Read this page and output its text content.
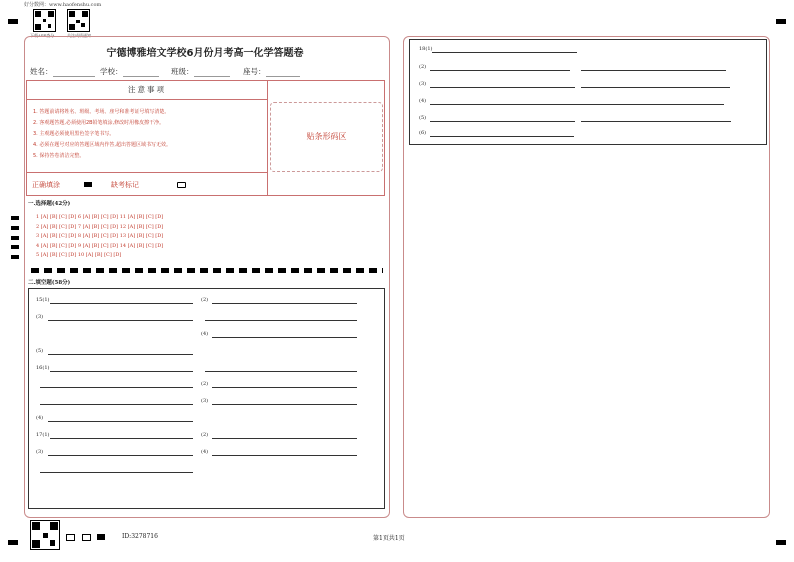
好分数网：www.haofenshu.com
下载APP查分	关注成绩通知
宁德博雅培文学校6月份月考高一化学答题卷
姓名：	学校：	班级：	座号：
注意事项
1. 答题前请将姓名、班级、考场、座号和准考证号填写清楚。
2. 客观题答题,必须使用2B铅笔填涂,修改时用橡皮擦干净。
3. 主观题必须使用黑色签字笔书写。
4. 必须在题号对应的答题区域内作答,超出答题区域书写无效。
5. 保持答卷清洁完整。
正确填涂	缺考标记
贴条形码区
一.选择题(42分)
1 [A] [B] [C] [D] 6 [A] [B] [C] [D] 11 [A] [B] [C] [D]
2 [A] [B] [C] [D] 7 [A] [B] [C] [D] 12 [A] [B] [C] [D]
3 [A] [B] [C] [D] 8 [A] [B] [C] [D] 13 [A] [B] [C] [D]
4 [A] [B] [C] [D] 9 [A] [B] [C] [D] 14 [A] [B] [C] [D]
5 [A] [B] [C] [D] 10 [A] [B] [C] [D]
二.填空题(58分)
15(1)	(2)
(3)
(4)
(5)
16(1)
(2)
(3)
(4)
17(1)	(2)
(3)	(4)
18(1)
(2)
(3)
(4)
(5)
(6)
ID:3278716	第1页共1页
